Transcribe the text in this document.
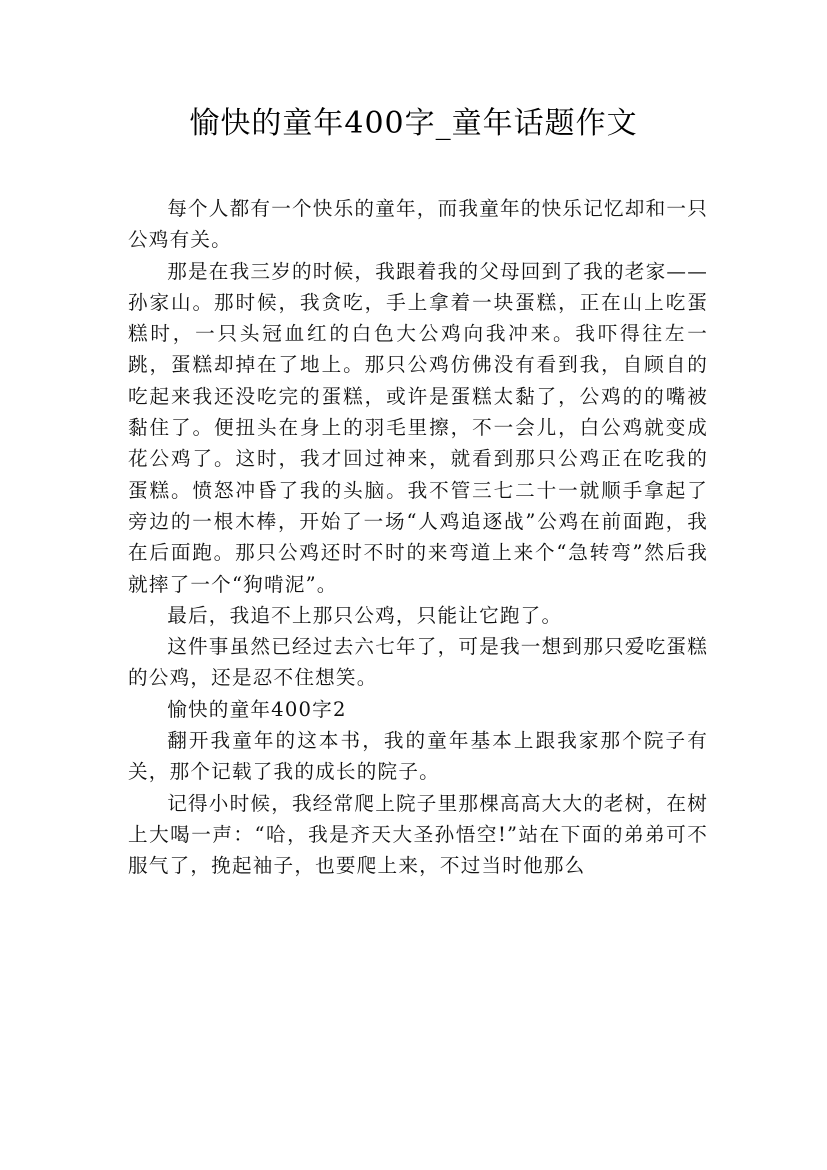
愉快的童年400字_童年话题作文

每个人都有一个快乐的童年，而我童年的快乐记忆却和一只公鸡有关。

那是在我三岁的时候，我跟着我的父母回到了我的老家——孙家山。那时候，我贪吃，手上拿着一块蛋糕，正在山上吃蛋糕时，一只头冠血红的白色大公鸡向我冲来。我吓得往左一跳，蛋糕却掉在了地上。那只公鸡仿佛没有看到我，自顾自的吃起来我还没吃完的蛋糕，或许是蛋糕太黏了，公鸡的的嘴被黏住了。便扭头在身上的羽毛里擦，不一会儿，白公鸡就变成花公鸡了。这时，我才回过神来，就看到那只公鸡正在吃我的蛋糕。愤怒冲昏了我的头脑。我不管三七二十一就顺手拿起了旁边的一根木棒，开始了一场“人鸡追逐战”公鸡在前面跑，我在后面跑。那只公鸡还时不时的来弯道上来个“急转弯”然后我就摔了一个“狗啃泥”。

最后，我追不上那只公鸡，只能让它跑了。

这件事虽然已经过去六七年了，可是我一想到那只爱吃蛋糕的公鸡，还是忍不住想笑。

愉快的童年400字2

翻开我童年的这本书，我的童年基本上跟我家那个院子有关，那个记载了我的成长的院子。

记得小时候，我经常爬上院子里那棵高高大大的老树，在树上大喝一声：“哈，我是齐天大圣孙悟空!”站在下面的弟弟可不服气了，挽起袖子，也要爬上来，不过当时他那么
